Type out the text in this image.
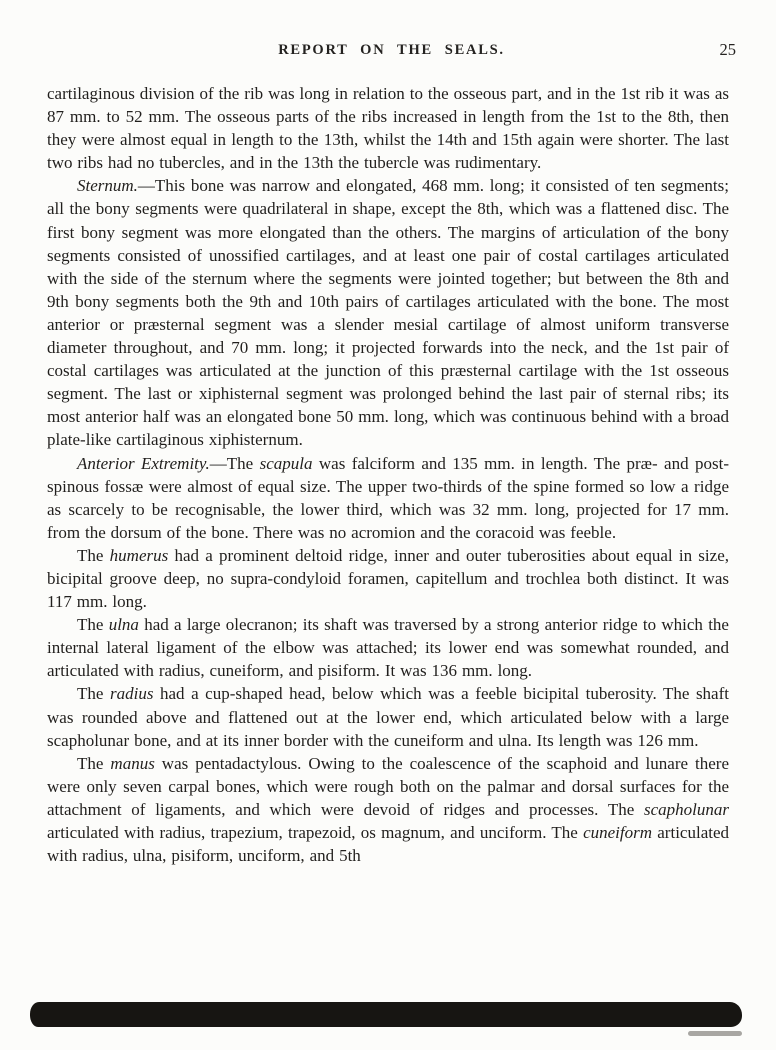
REPORT ON THE SEALS.	25

cartilaginous division of the rib was long in relation to the osseous part, and in the 1st rib it was as 87 mm. to 52 mm. The osseous parts of the ribs increased in length from the 1st to the 8th, then they were almost equal in length to the 13th, whilst the 14th and 15th again were shorter. The last two ribs had no tubercles, and in the 13th the tubercle was rudimentary.

Sternum.—This bone was narrow and elongated, 468 mm. long; it consisted of ten segments; all the bony segments were quadrilateral in shape, except the 8th, which was a flattened disc. The first bony segment was more elongated than the others. The margins of articulation of the bony segments consisted of unossified cartilages, and at least one pair of costal cartilages articulated with the side of the sternum where the segments were jointed together; but between the 8th and 9th bony segments both the 9th and 10th pairs of cartilages articulated with the bone. The most anterior or præsternal segment was a slender mesial cartilage of almost uniform transverse diameter throughout, and 70 mm. long; it projected forwards into the neck, and the 1st pair of costal cartilages was articulated at the junction of this præsternal cartilage with the 1st osseous segment. The last or xiphisternal segment was prolonged behind the last pair of sternal ribs; its most anterior half was an elongated bone 50 mm. long, which was continuous behind with a broad plate-like cartilaginous xiphisternum.

Anterior Extremity.—The scapula was falciform and 135 mm. in length. The præ- and post-spinous fossæ were almost of equal size. The upper two-thirds of the spine formed so low a ridge as scarcely to be recognisable, the lower third, which was 32 mm. long, projected for 17 mm. from the dorsum of the bone. There was no acromion and the coracoid was feeble.

The humerus had a prominent deltoid ridge, inner and outer tuberosities about equal in size, bicipital groove deep, no supra-condyloid foramen, capitellum and trochlea both distinct. It was 117 mm. long.

The ulna had a large olecranon; its shaft was traversed by a strong anterior ridge to which the internal lateral ligament of the elbow was attached; its lower end was somewhat rounded, and articulated with radius, cuneiform, and pisiform. It was 136 mm. long.

The radius had a cup-shaped head, below which was a feeble bicipital tuberosity. The shaft was rounded above and flattened out at the lower end, which articulated below with a large scapholunar bone, and at its inner border with the cuneiform and ulna. Its length was 126 mm.

The manus was pentadactylous. Owing to the coalescence of the scaphoid and lunare there were only seven carpal bones, which were rough both on the palmar and dorsal surfaces for the attachment of ligaments, and which were devoid of ridges and processes. The scapholunar articulated with radius, trapezium, trapezoid, os magnum, and unciform. The cuneiform articulated with radius, ulna, pisiform, unciform, and 5th
